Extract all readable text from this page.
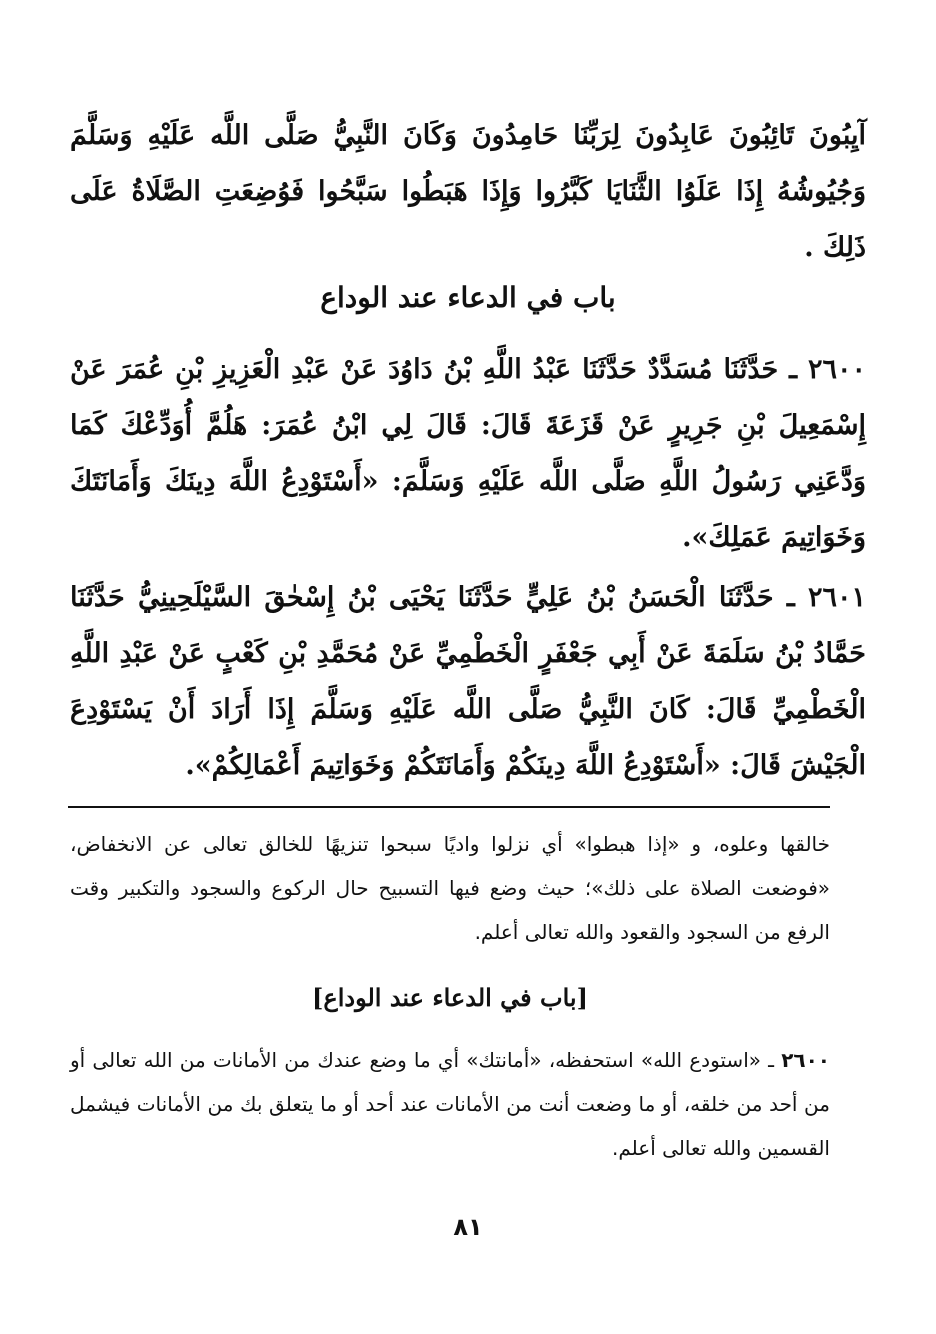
آيِبُونَ تَائِبُونَ عَابِدُونَ لِرَبِّنَا حَامِدُونَ وَكَانَ النَّبِيُّ صَلَّى اللَّه عَلَيْهِ وَسَلَّمَ وَجُيُوشُهُ إِذَا عَلَوُا الثَّنَايَا كَبَّرُوا وَإِذَا هَبَطُوا سَبَّحُوا فَوُضِعَتِ الصَّلَاةُ عَلَى ذَلِكَ .
باب في الدعاء عند الوداع
٢٦٠٠ ـ حَدَّثَنَا مُسَدَّدٌ حَدَّثَنَا عَبْدُ اللَّهِ بْنُ دَاوُدَ عَنْ عَبْدِ الْعَزِيزِ بْنِ عُمَرَ عَنْ إِسْمَعِيلَ بْنِ جَرِيرٍ عَنْ قَزَعَةَ قَالَ: قَالَ لِي ابْنُ عُمَرَ: هَلُمَّ أُوَدِّعْكَ كَمَا وَدَّعَنِي رَسُولُ اللَّهِ صَلَّى اللَّه عَلَيْهِ وَسَلَّمَ: «أَسْتَوْدِعُ اللَّهَ دِينَكَ وَأَمَانَتَكَ وَخَوَاتِيمَ عَمَلِكَ».
٢٦٠١ ـ حَدَّثَنَا الْحَسَنُ بْنُ عَلِيٍّ حَدَّثَنَا يَحْيَى بْنُ إِسْحٰقَ السَّيْلَحِينِيُّ حَدَّثَنَا حَمَّادُ بْنُ سَلَمَةَ عَنْ أَبِي جَعْفَرٍ الْخَطْمِيِّ عَنْ مُحَمَّدِ بْنِ كَعْبٍ عَنْ عَبْدِ اللَّهِ الْخَطْمِيِّ قَالَ: كَانَ النَّبِيُّ صَلَّى اللَّه عَلَيْهِ وَسَلَّمَ إِذَا أَرَادَ أَنْ يَسْتَوْدِعَ الْجَيْشَ قَالَ: «أَسْتَوْدِعُ اللَّهَ دِينَكُمْ وَأَمَانَتَكُمْ وَخَوَاتِيمَ أَعْمَالِكُمْ».
خالقها وعلوه، و «إذا هبطوا» أي نزلوا واديًا سبحوا تنزيهًا للخالق تعالى عن الانخفاض، «فوضعت الصلاة على ذلك»؛ حيث وضع فيها التسبيح حال الركوع والسجود والتكبير وقت الرفع من السجود والقعود والله تعالى أعلم.
[باب في الدعاء عند الوداع]
٢٦٠٠ ـ «استودع الله» استحفظه، «أمانتك» أي ما وضع عندك من الأمانات من الله تعالى أو من أحد من خلقه، أو ما وضعت أنت من الأمانات عند أحد أو ما يتعلق بك من الأمانات فيشمل القسمين والله تعالى أعلم.
٨١
